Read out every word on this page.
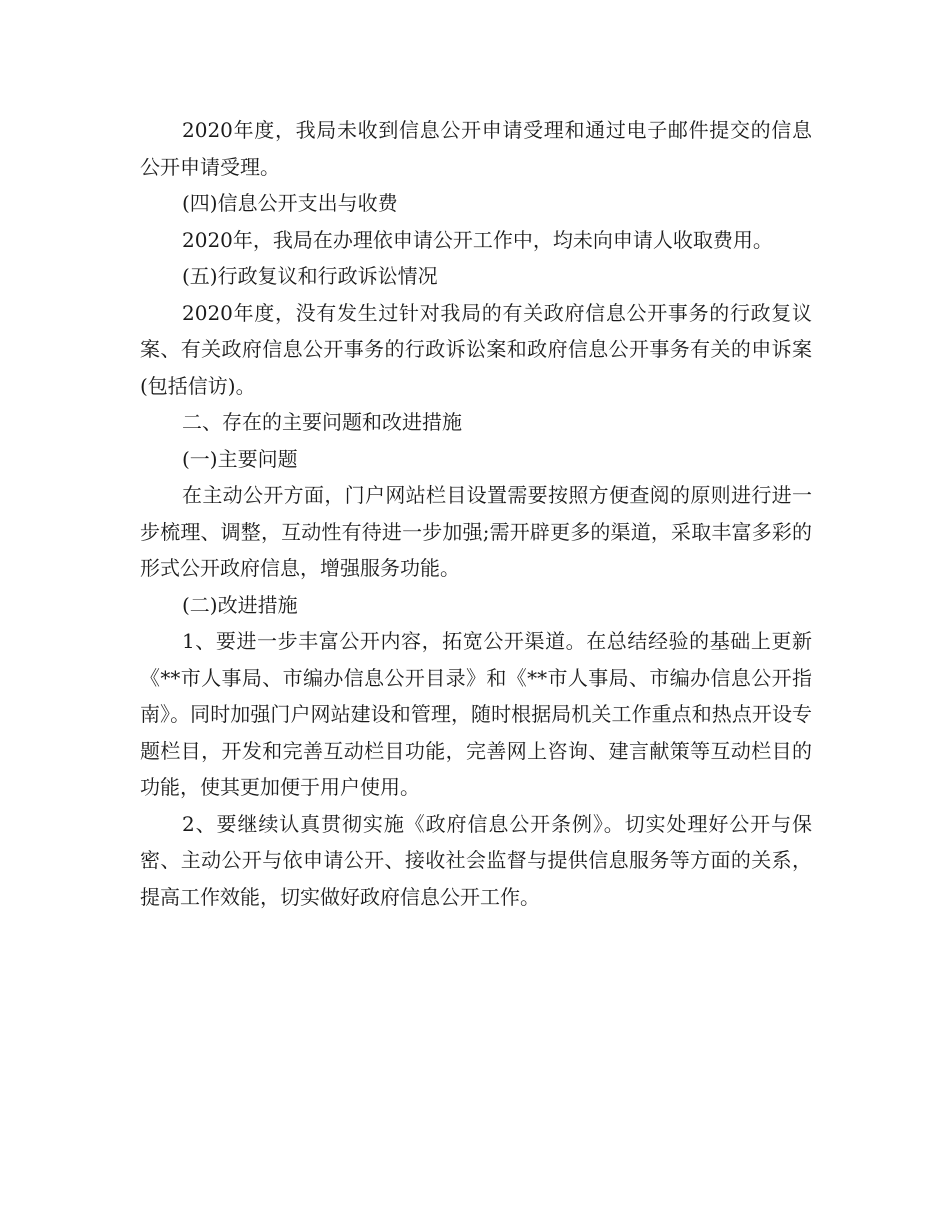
2020年度，我局未收到信息公开申请受理和通过电子邮件提交的信息公开申请受理。

(四)信息公开支出与收费

2020年，我局在办理依申请公开工作中，均未向申请人收取费用。

(五)行政复议和行政诉讼情况

2020年度，没有发生过针对我局的有关政府信息公开事务的行政复议案、有关政府信息公开事务的行政诉讼案和政府信息公开事务有关的申诉案(包括信访)。

二、存在的主要问题和改进措施

(一)主要问题

在主动公开方面，门户网站栏目设置需要按照方便查阅的原则进行进一步梳理、调整，互动性有待进一步加强;需开辟更多的渠道，采取丰富多彩的形式公开政府信息，增强服务功能。

(二)改进措施

1、要进一步丰富公开内容，拓宽公开渠道。在总结经验的基础上更新《**市人事局、市编办信息公开目录》和《**市人事局、市编办信息公开指南》。同时加强门户网站建设和管理，随时根据局机关工作重点和热点开设专题栏目，开发和完善互动栏目功能，完善网上咨询、建言献策等互动栏目的功能，使其更加便于用户使用。

2、要继续认真贯彻实施《政府信息公开条例》。切实处理好公开与保密、主动公开与依申请公开、接收社会监督与提供信息服务等方面的关系，提高工作效能，切实做好政府信息公开工作。
